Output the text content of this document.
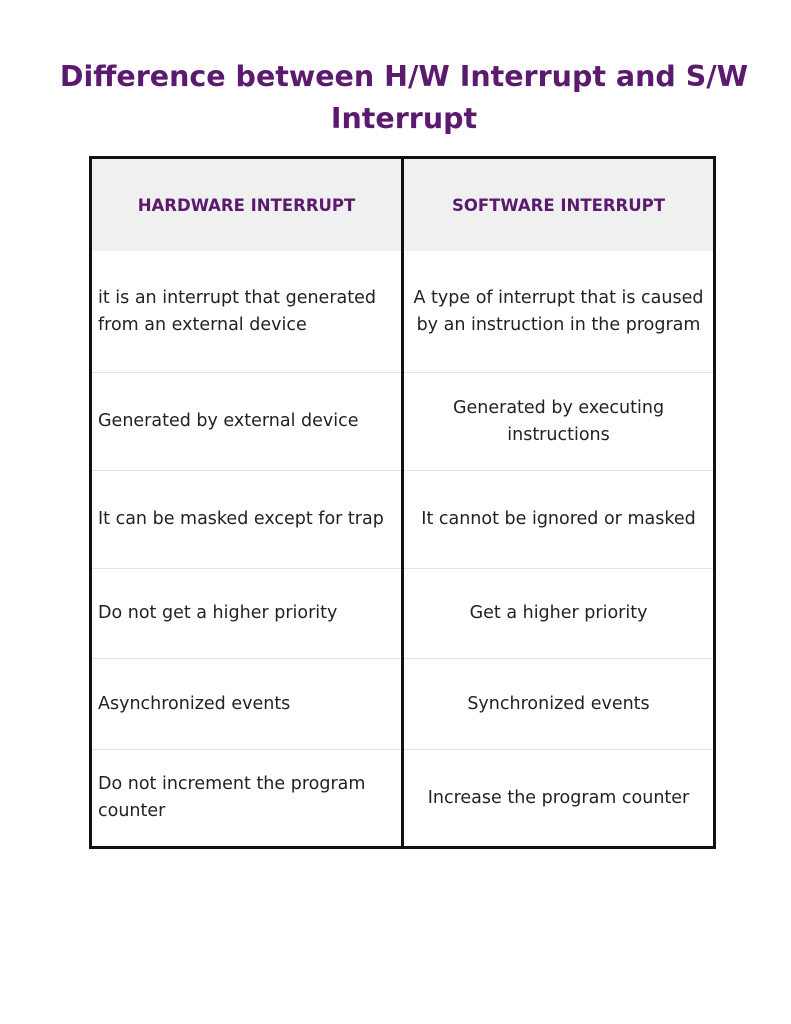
Difference between H/W Interrupt and S/W Interrupt
HARDWARE INTERRUPT	SOFTWARE INTERRUPT
it is an interrupt that generated from an external device	A type of interrupt that is caused by an instruction in the program
Generated by external device	Generated by executing instructions
It can be masked except for trap	It cannot be ignored or masked
Do not get a higher priority	Get a higher priority
Asynchronized events	Synchronized events
Do not increment the program counter	Increase the program counter
